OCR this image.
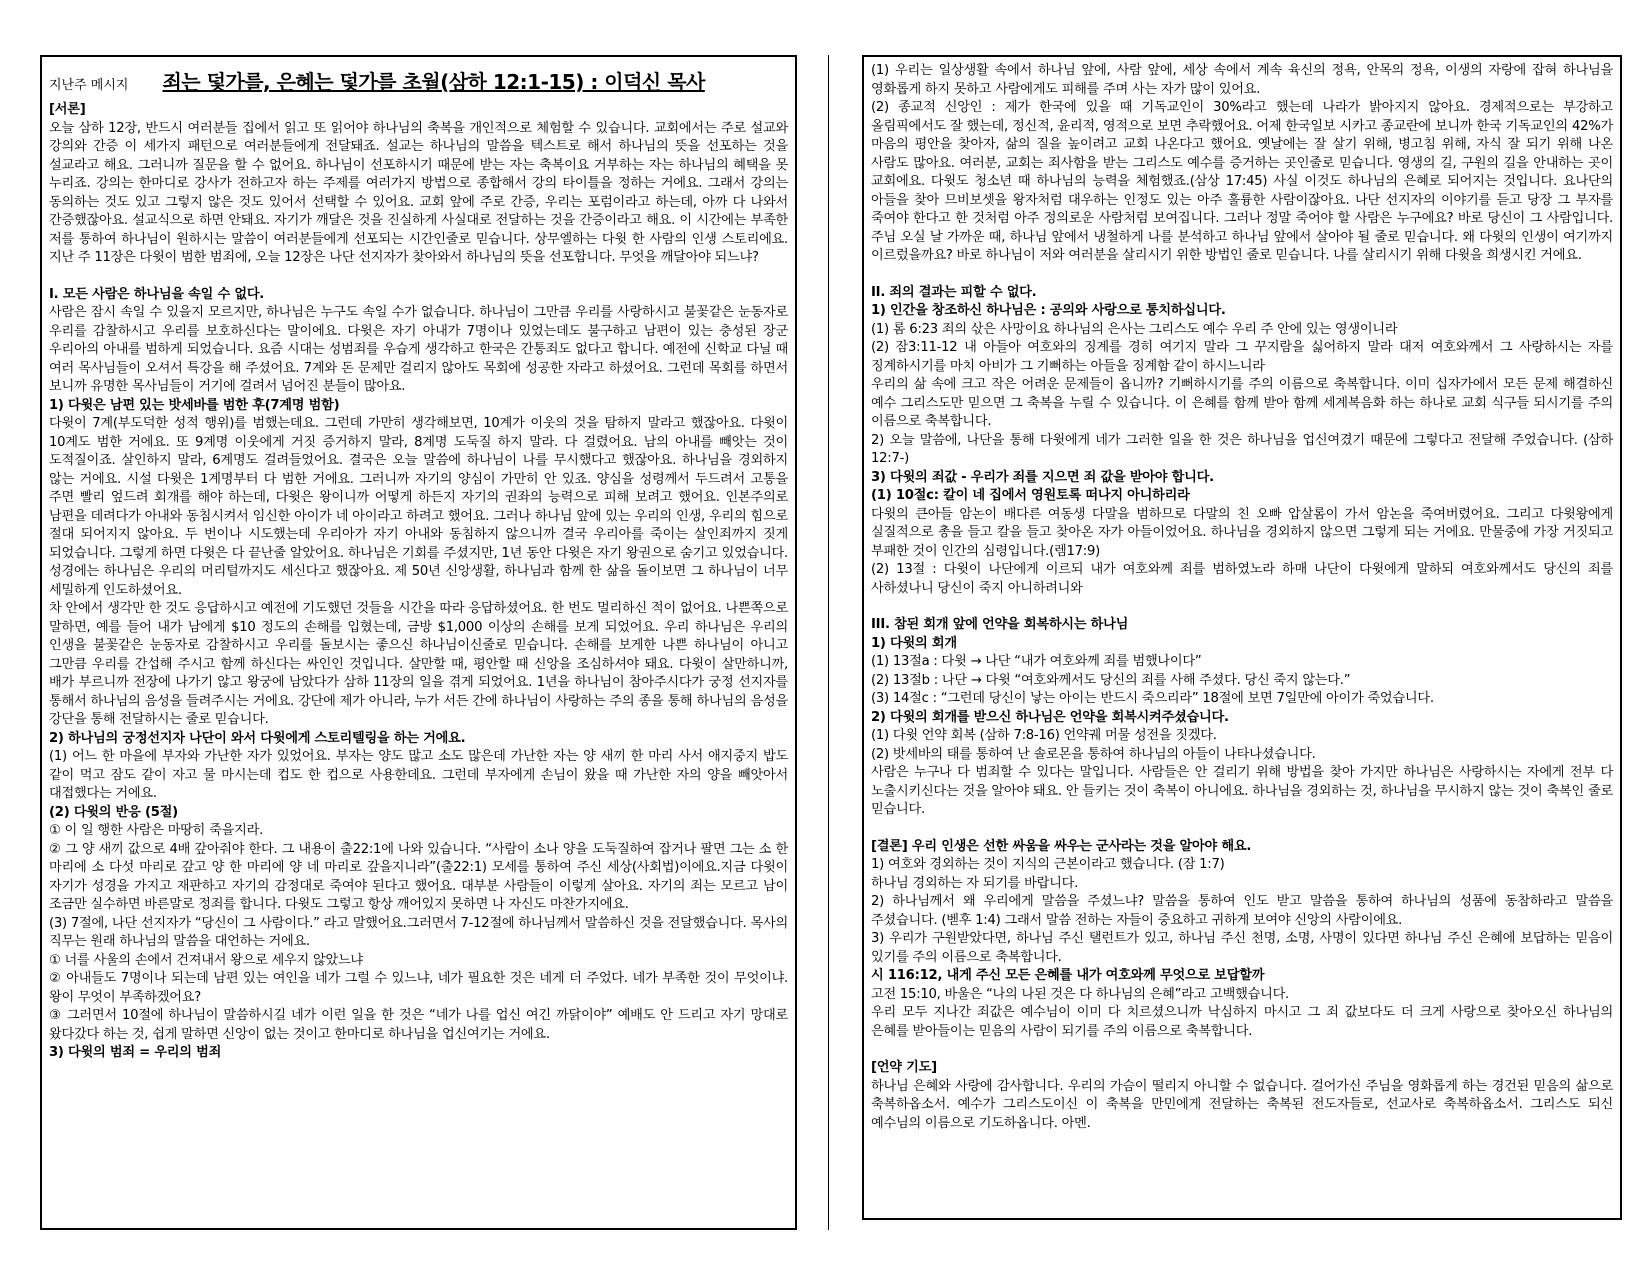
지난주 메시지 죄는 덫가를, 은혜는 덫가를 초월(삼하 12:1-15) : 이덕신 목사

[서론]

오늘 삼하 12장, 반드시 여러분들 집에서 읽고 또 읽어야 하나님의 축복을 개인적으로 체험할 수 있습니다. 교회에서는 주로 설교와 강의와 간증 이 세가지 패턴으로 여러분들에게 전달돼죠. 설교는 하나님의 말씀을 텍스트로 해서 하나님의 뜻을 선포하는 것을 설교라고 해요. 그러니까 질문을 할 수 없어요. 하나님이 선포하시기 때문에 받는 자는 축복이요 거부하는 자는 하나님의 혜택을 못 누리죠. 강의는 한마디로 강사가 전하고자 하는 주제를 여러가지 방법으로 종합해서 강의 타이틀을 정하는 거에요. 그래서 강의는 동의하는 것도 있고 그렇지 않은 것도 있어서 선택할 수 있어요. 교회 앞에 주로 간증, 우리는 포럼이라고 하는데, 아까 다 나와서 간증했잖아요. 설교식으로 하면 안돼요. 자기가 깨달은 것을 진실하게 사실대로 전달하는 것을 간증이라고 해요. 이 시간에는 부족한 저를 통하여 하나님이 원하시는 말씀이 여러분들에게 선포되는 시간인줄로 믿습니다. 상무엘하는 다윗 한 사람의 인생 스토리에요. 지난 주 11장은 다윗이 범한 범죄에, 오늘 12장은 나단 선지자가 찾아와서 하나님의 뜻을 선포합니다. 무엇을 깨달아야 되느냐?

I. 모든 사람은 하나님을 속일 수 없다.

사람은 잠시 속일 수 있을지 모르지만, 하나님은 누구도 속일 수가 없습니다. 하나님이 그만큼 우리를 사랑하시고 불꽃같은 눈동자로 우리를 감찰하시고 우리를 보호하신다는 말이에요. 다윗은 자기 아내가 7명이나 있었는데도 불구하고 남편이 있는 충성된 장군 우리아의 아내를 범하게 되었습니다. 요즘 시대는 성범죄를 우습게 생각하고 한국은 간통죄도 없다고 합니다. 예전에 신학교 다닐 때 여러 목사님들이 오셔서 특강을 해 주셨어요. 7계와 돈 문제만 걸리지 않아도 목회에 성공한 자라고 하셨어요. 그런데 목회를 하면서 보니까 유명한 목사님들이 거기에 걸려서 넘어진 분들이 많아요.

1) 다윗은 남편 있는 밧세바를 범한 후(7계명 범함)

다윗이 7계(부도덕한 성적 행위)를 범했는데요. 그런데 가만히 생각해보면, 10계가 이웃의 것을 탐하지 말라고 했잖아요. 다윗이 10계도 범한 거에요. 또 9계명 이웃에게 거짓 증거하지 말라, 8계명 도둑질 하지 말라. 다 걸렸어요. 남의 아내를 빼앗는 것이 도적질이죠. 살인하지 말라, 6계명도 걸려들었어요. 결국은 오늘 말씀에 하나님이 나를 무시했다고 했잖아요. 하나님을 경외하지 않는 거에요. 시설 다윗은 1계명부터 다 범한 거에요. 그러니까 자기의 양심이 가만히 안 있죠. 양심을 성령께서 두드려서 고통을 주면 빨리 엎드려 회개를 해야 하는데, 다윗은 왕이니까 어떻게 하든지 자기의 권좌의 능력으로 피해 보려고 했어요. 인본주의로 남편을 데려다가 아내와 동침시켜서 임신한 아이가 네 아이라고 하려고 했어요. 그러나 하나님 앞에 있는 우리의 인생, 우리의 힘으로 절대 되어지지 않아요. 두 번이나 시도했는데 우리아가 자기 아내와 동침하지 않으니까 결국 우리아를 죽이는 살인죄까지 짓게 되었습니다. 그렇게 하면 다윗은 다 끝난줄 알았어요. 하나님은 기회를 주셨지만, 1년 동안 다윗은 자기 왕권으로 숨기고 있었습니다. 성경에는 하나님은 우리의 머리털까지도 세신다고 했잖아요. 제 50년 신앙생활, 하나님과 함께 한 삶을 돌이보면 그 하나님이 너무 세밀하게 인도하셨어요.

차 안에서 생각만 한 것도 응답하시고 예전에 기도했던 것들을 시간을 따라 응답하셨어요. 한 번도 멀리하신 적이 없어요. 나쁜쪽으로 말하면, 예를 들어 내가 남에게 $10 정도의 손해를 입혔는데, 금방 $1,000 이상의 손해를 보게 되었어요. 우리 하나님은 우리의 인생을 불꽃같은 눈동자로 감찰하시고 우리를 돌보시는 좋으신 하나님이신줄로 믿습니다. 손해를 보게한 나쁜 하나님이 아니고 그만큼 우리를 간섭해 주시고 함께 하신다는 싸인인 것입니다. 살만할 때, 평안할 때 신앙을 조심하셔야 돼요. 다윗이 살만하니까, 배가 부르니까 전장에 나가기 않고 왕궁에 남았다가 삼하 11장의 일을 겪게 되었어요. 1년을 하나님이 참아주시다가 궁정 선지자를 통해서 하나님의 음성을 들려주시는 거에요. 강단에 제가 아니라, 누가 서든 간에 하나님이 사랑하는 주의 종을 통해 하나님의 음성을 강단을 통해 전달하시는 줄로 믿습니다.

2) 하나님의 궁정선지자 나단이 와서 다윗에게 스토리텔링을 하는 거에요.

(1) 어느 한 마을에 부자와 가난한 자가 있었어요. 부자는 양도 많고 소도 많은데 가난한 자는 양 새끼 한 마리 사서 애지중지 밥도 같이 먹고 잠도 같이 자고 물 마시는데 컵도 한 컵으로 사용한데요. 그런데 부자에게 손님이 왔을 때 가난한 자의 양을 빼앗아서 대접했다는 거에요.

(2) 다윗의 반응 (5절)

① 이 일 행한 사람은 마땅히 죽을지라.

② 그 양 새끼 값으로 4배 갚아줘야 한다. 그 내용이 출22:1에 나와 있습니다. “사람이 소나 양을 도둑질하여 잡거나 팔면 그는 소 한 마리에 소 다섯 마리로 갚고 양 한 마리에 양 네 마리로 갚을지니라”(출22:1) 모세를 통하여 주신 세상(사회법)이에요.지금 다윗이 자기가 성경을 가지고 재판하고 자기의 감정대로 죽여야 된다고 했어요. 대부분 사람들이 이렇게 살아요. 자기의 죄는 모르고 남이 조금만 실수하면 바른말로 정죄를 합니다. 다윗도 그렇고 항상 깨어있지 못하면 나 자신도 마찬가지에요.

(3) 7절에, 나단 선지자가 “당신이 그 사람이다.” 라고 말했어요.그러면서 7-12절에 하나님께서 말씀하신 것을 전달했습니다. 목사의 직무는 원래 하나님의 말씀을 대언하는 거에요.

① 너를 사울의 손에서 건져내서 왕으로 세우지 않았느냐

② 아내들도 7명이나 되는데 남편 있는 여인을 네가 그럴 수 있느냐, 네가 필요한 것은 네게 더 주었다. 네가 부족한 것이 무엇이냐. 왕이 무엇이 부족하겠어요?

③ 그러면서 10절에 하나님이 말씀하시길 네가 이런 일을 한 것은 “네가 나를 업신 여긴 까닭이야” 예배도 안 드리고 자기 망대로 왔다갔다 하는 것, 쉽게 말하면 신앙이 없는 것이고 한마디로 하나님을 업신여기는 거에요.

3) 다윗의 범죄 = 우리의 범죄

(1) 우리는 일상생활 속에서 하나님 앞에, 사람 앞에, 세상 속에서 계속 육신의 정욕, 안목의 정욕, 이생의 자랑에 잡혀 하나님을 영화롭게 하지 못하고 사람에게도 피해를 주며 사는 자가 많이 있어요.

(2) 종교적 신앙인 : 제가 한국에 있을 때 기독교인이 30%라고 했는데 나라가 밝아지지 않아요. 경제적으로는 부강하고 올림픽에서도 잘 했는데, 정신적, 윤리적, 영적으로 보면 추락했어요. 어제 한국일보 시카고 종교란에 보니까 한국 기독교인의 42%가 마음의 평안을 찾아자, 삶의 질을 높이려고 교회 나온다고 했어요. 옛날에는 잘 살기 위해, 병고침 위해, 자식 잘 되기 위해 나온 사람도 많아요. 여러분, 교회는 죄사함을 받는 그리스도 예수를 증거하는 곳인줄로 믿습니다. 영생의 길, 구원의 길을 안내하는 곳이 교회에요. 다윗도 청소년 때 하나님의 능력을 체험했죠.(삼상 17:45) 사실 이것도 하나님의 은혜로 되어지는 것입니다. 요나단의 아들을 찾아 므비보셋을 왕자처럼 대우하는 인정도 있는 아주 훌륭한 사람이잖아요. 나단 선지자의 이야기를 듣고 당장 그 부자를 죽여야 한다고 한 것처럼 아주 정의로운 사람처럼 보여집니다. 그러나 정말 죽어야 할 사람은 누구에요? 바로 당신이 그 사람입니다. 주님 오실 날 가까운 때, 하나님 앞에서 냉철하게 나를 분석하고 하나님 앞에서 살아야 될 줄로 믿습니다. 왜 다윗의 인생이 여기까지 이르렀을까요? 바로 하나님이 저와 여러분을 살리시기 위한 방법인 줄로 믿습니다. 나를 살리시기 위해 다윗을 희생시킨 거에요.

II. 죄의 결과는 피할 수 없다.

1) 인간을 창조하신 하나님은 : 공의와 사랑으로 통치하십니다.

(1) 롬 6:23 죄의 삯은 사망이요 하나님의 은사는 그리스도 예수 우리 주 안에 있는 영생이니라

(2) 잠3:11-12 내 아들아 여호와의 징계를 경히 여기지 말라 그 꾸지람을 싫어하지 말라 대저 여호와께서 그 사랑하시는 자를 징계하시기를 마치 아비가 그 기뻐하는 아들을 징계함 같이 하시느니라

우리의 삶 속에 크고 작은 어려운 문제들이 옵니까? 기뻐하시기를 주의 이름으로 축복합니다. 이미 십자가에서 모든 문제 해결하신 예수 그리스도만 믿으면 그 축복을 누릴 수 있습니다. 이 은혜를 함께 받아 함께 세계복음화 하는 하나로 교회 식구들 되시기를 주의 이름으로 축복합니다.

2) 오늘 말씀에, 나단을 통해 다윗에게 네가 그러한 일을 한 것은 하나님을 업신여겼기 때문에 그렇다고 전달해 주었습니다. (삼하 12:7-)

3) 다윗의 죄값 - 우리가 죄를 지으면 죄 값을 받아야 합니다.

(1) 10절c: 칼이 네 집에서 영원토록 떠나지 아니하리라

다윗의 큰아들 암논이 배다른 여동생 다말을 범하므로 다말의 친 오빠 압살롬이 가서 암논을 죽여버렸어요. 그리고 다윗왕에게 실질적으로 총을 들고 칼을 들고 찾아온 자가 아들이었어요. 하나님을 경외하지 않으면 그렇게 되는 거에요. 만물중에 가장 거짓되고 부패한 것이 인간의 심령입니다.(렘17:9)

(2) 13절 : 다윗이 나단에게 이르되 내가 여호와께 죄를 범하였노라 하매 나단이 다윗에게 말하되 여호와께서도 당신의 죄를 사하셨나니 당신이 죽지 아니하려니와

III. 참된 회개 앞에 언약을 회복하시는 하나님

1) 다윗의 회개

(1) 13절a : 다윗 → 나단 “내가 여호와께 죄를 범했나이다”

(2) 13절b : 나단 → 다윗 “여호와께서도 당신의 죄를 사해 주셨다. 당신 죽지 않는다.”

(3) 14절c : “그런데 당신이 낳는 아이는 반드시 죽으리라” 18절에 보면 7일만에 아이가 죽었습니다.

2) 다윗의 회개를 받으신 하나님은 언약을 회복시켜주셨습니다.

(1) 다윗 언약 회복 (삼하 7:8-16) 언약궤 머물 성전을 짓겠다.

(2) 밧세바의 태를 통하여 난 솔로몬을 통하여 하나님의 아들이 나타나셨습니다.

사람은 누구나 다 범죄할 수 있다는 말입니다. 사람들은 안 걸리기 위해 방법을 찾아 가지만 하나님은 사랑하시는 자에게 전부 다 노출시키신다는 것을 알아야 돼요. 안 들키는 것이 축복이 아니에요. 하나님을 경외하는 것, 하나님을 무시하지 않는 것이 축복인 줄로 믿습니다.

[결론] 우리 인생은 선한 싸움을 싸우는 군사라는 것을 알아야 해요.

1) 여호와 경외하는 것이 지식의 근본이라고 했습니다. (잠 1:7)

하나님 경외하는 자 되기를 바랍니다.

2) 하나님께서 왜 우리에게 말씀을 주셨느냐? 말씀을 통하여 인도 받고 말씀을 통하여 하나님의 성품에 동참하라고 말씀을 주셨습니다. (벧후 1:4) 그래서 말씀 전하는 자들이 중요하고 귀하게 보여야 신앙의 사람이에요.

3) 우리가 구원받았다면, 하나님 주신 탤런트가 있고, 하나님 주신 천명, 소명, 사명이 있다면 하나님 주신 은혜에 보답하는 믿음이 있기를 주의 이름으로 축복합니다.

시 116:12, 내게 주신 모든 은혜를 내가 여호와께 무엇으로 보답할까

고전 15:10, 바울은 “나의 나된 것은 다 하나님의 은혜”라고 고백했습니다.

우리 모두 지나간 죄값은 예수님이 이미 다 치르셨으니까 낙심하지 마시고 그 죄 값보다도 더 크게 사랑으로 찾아오신 하나님의 은혜를 받아들이는 믿음의 사람이 되기를 주의 이름으로 축복합니다.

[언약 기도]

하나님 은혜와 사랑에 감사합니다. 우리의 가슴이 떨리지 아니할 수 없습니다. 걸어가신 주님을 영화롭게 하는 경건된 믿음의 삶으로 축복하옵소서. 예수가 그리스도이신 이 축복을 만민에게 전달하는 축복된 전도자들로, 선교사로 축복하옵소서. 그리스도 되신 예수님의 이름으로 기도하옵니다. 아멘.
